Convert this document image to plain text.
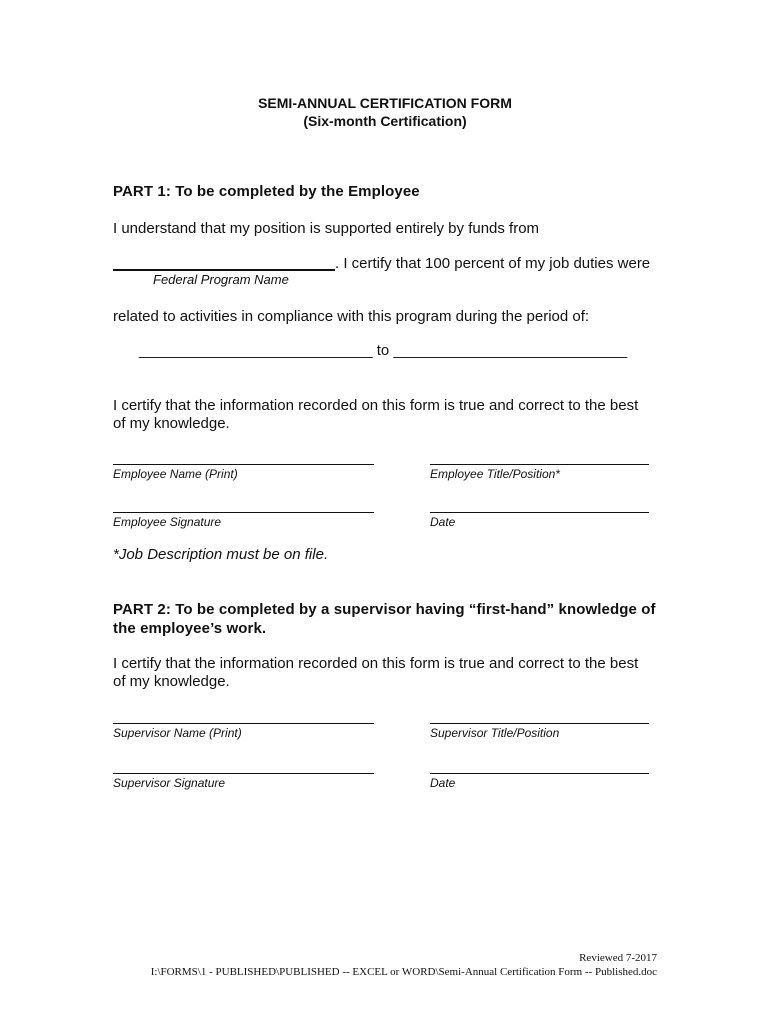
SEMI-ANNUAL CERTIFICATION FORM
(Six-month Certification)
PART 1: To be completed by the Employee
I understand that my position is supported entirely by funds from
. I certify that 100 percent of my job duties were
Federal Program Name
related to activities in compliance with this program during the period of:
____________________________ to ____________________________
I certify that the information recorded on this form is true and correct to the best
of my knowledge.
Employee Name (Print)	Employee Title/Position*
Employee Signature	Date
*Job Description must be on file.
PART 2: To be completed by a supervisor having “first-hand” knowledge of
the employee’s work.
I certify that the information recorded on this form is true and correct to the best
of my knowledge.
Supervisor Name (Print)	Supervisor Title/Position
Supervisor Signature	Date
Reviewed 7-2017
I:\FORMS\1 - PUBLISHED\PUBLISHED -- EXCEL or WORD\Semi-Annual Certification Form -- Published.doc
